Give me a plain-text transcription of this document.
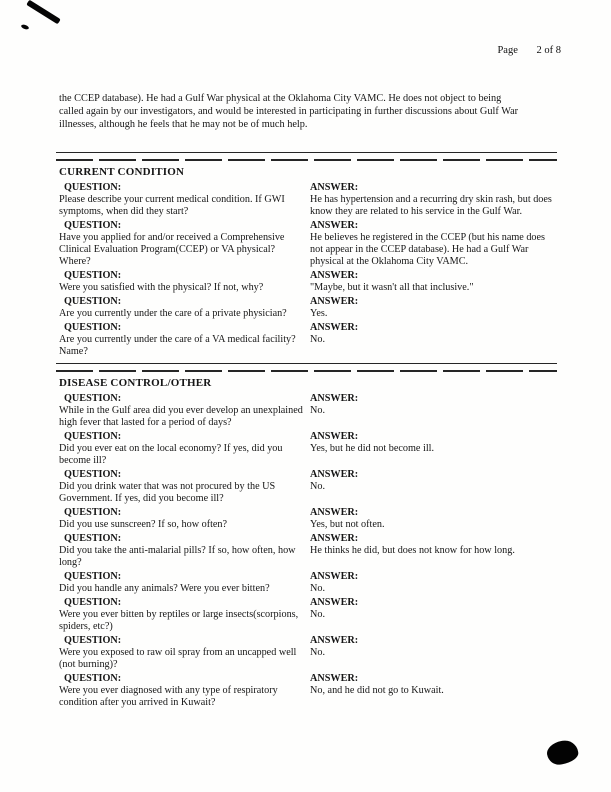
Page 2 of 8
the CCEP database). He had a Gulf War physical at the Oklahoma City VAMC. He does not object to being
called again by our investigators, and would be interested in participating in further discussions about Gulf War
illnesses, although he feels that he may not be of much help.
CURRENT CONDITION
QUESTION:	ANSWER:
Please describe your current medical condition. If GWI symptoms, when did they start?
He has hypertension and a recurring dry skin rash, but does know they are related to his service in the Gulf War.
QUESTION:	ANSWER:
Have you applied for and/or received a Comprehensive Clinical Evaluation Program(CCEP) or VA physical? Where?
He believes he registered in the CCEP (but his name does not appear in the CCEP database). He had a Gulf War physical at the Oklahoma City VAMC.
QUESTION:	ANSWER:
Were you satisfied with the physical? If not, why?	"Maybe, but it wasn't all that inclusive."
QUESTION:	ANSWER:
Are you currently under the care of a private physician?	Yes.
QUESTION:	ANSWER:
Are you currently under the care of a VA medical facility? Name?
No.
DISEASE CONTROL/OTHER
QUESTION:	ANSWER:
While in the Gulf area did you ever develop an unexplained high fever that lasted for a period of days?
No.
QUESTION:	ANSWER:
Did you ever eat on the local economy? If yes, did you become ill?
Yes, but he did not become ill.
QUESTION:	ANSWER:
Did you drink water that was not procured by the US Government. If yes, did you become ill?
No.
QUESTION:	ANSWER:
Did you use sunscreen? If so, how often?	Yes, but not often.
QUESTION:	ANSWER:
Did you take the anti-malarial pills? If so, how often, how long?
He thinks he did, but does not know for how long.
QUESTION:	ANSWER:
Did you handle any animals? Were you ever bitten?	No.
QUESTION:	ANSWER:
Were you ever bitten by reptiles or large insects(scorpions, spiders, etc?)
No.
QUESTION:	ANSWER:
Were you exposed to raw oil spray from an uncapped well (not burning)?
No.
QUESTION:	ANSWER:
Were you ever diagnosed with any type of respiratory condition after you arrived in Kuwait?
No, and he did not go to Kuwait.
